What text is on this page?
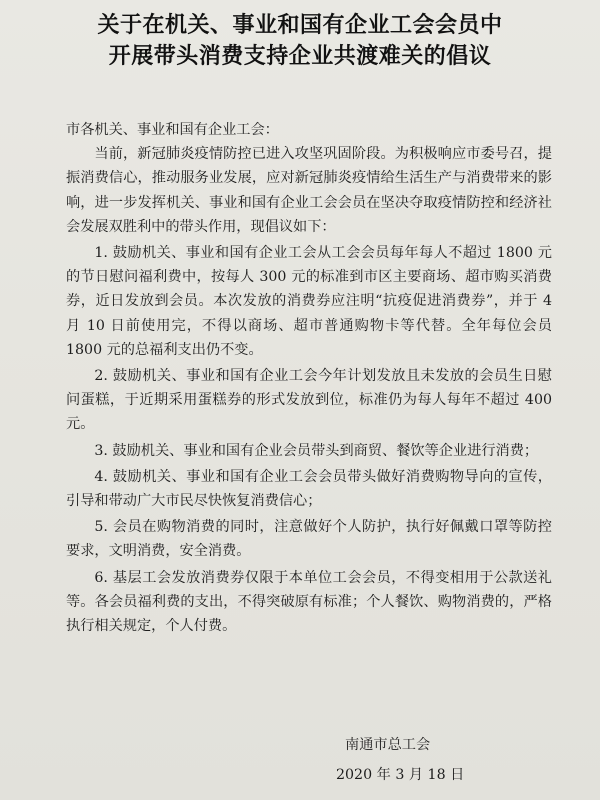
关于在机关、事业和国有企业工会会员中
开展带头消费支持企业共渡难关的倡议

市各机关、事业和国有企业工会：

当前，新冠肺炎疫情防控已进入攻坚巩固阶段。为积极响应市委号召，提振消费信心，推动服务业发展，应对新冠肺炎疫情给生活生产与消费带来的影响，进一步发挥机关、事业和国有企业工会会员在坚决夺取疫情防控和经济社会发展双胜利中的带头作用，现倡议如下：

1. 鼓励机关、事业和国有企业工会从工会会员每年每人不超过 1800 元的节日慰问福利费中，按每人 300 元的标准到市区主要商场、超市购买消费券，近日发放到会员。本次发放的消费券应注明“抗疫促进消费券”，并于 4 月 10 日前使用完，不得以商场、超市普通购物卡等代替。全年每位会员 1800 元的总福利支出仍不变。

2. 鼓励机关、事业和国有企业工会今年计划发放且未发放的会员生日慰问蛋糕，于近期采用蛋糕券的形式发放到位，标准仍为每人每年不超过 400 元。

3. 鼓励机关、事业和国有企业会员带头到商贸、餐饮等企业进行消费；

4. 鼓励机关、事业和国有企业工会会员带头做好消费购物导向的宣传，引导和带动广大市民尽快恢复消费信心；

5. 会员在购物消费的同时，注意做好个人防护，执行好佩戴口罩等防控要求，文明消费，安全消费。

6. 基层工会发放消费券仅限于本单位工会会员，不得变相用于公款送礼等。各会员福利费的支出，不得突破原有标准；个人餐饮、购物消费的，严格执行相关规定，个人付费。

南通市总工会
2020 年 3 月 18 日
